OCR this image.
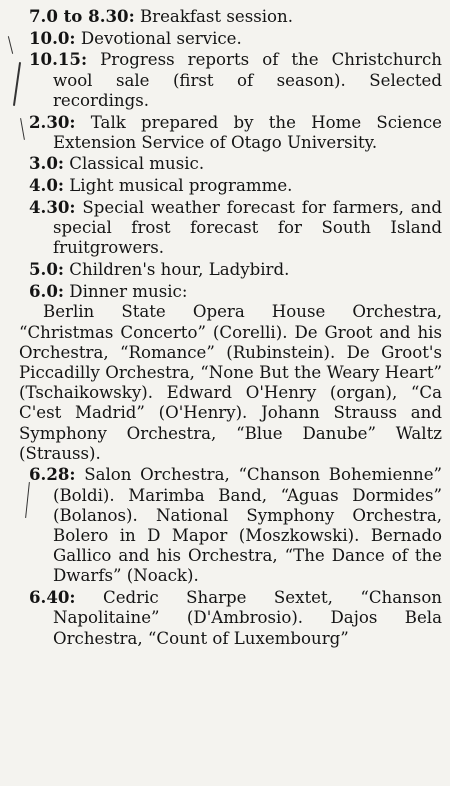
7.0 to 8.30: Breakfast session.

10.0: Devotional service.

10.15: Progress reports of the Christchurch wool sale (first of season). Selected recordings.

2.30: Talk prepared by the Home Science Extension Service of Otago University.

3.0: Classical music.

4.0: Light musical programme.

4.30: Special weather forecast for farmers, and special frost forecast for South Island fruitgrowers.

5.0: Children's hour, Ladybird.

6.0: Dinner music:

Berlin State Opera House Orchestra, “Christmas Concerto” (Corelli). De Groot and his Orchestra, “Romance” (Rubinstein). De Groot's Piccadilly Orchestra, “None But the Weary Heart” (Tschaikowsky). Edward O'Henry (organ), “Ca C'est Madrid” (O'Henry). Johann Strauss and Symphony Orchestra, “Blue Danube” Waltz (Strauss).

6.28: Salon Orchestra, “Chanson Bohemienne” (Boldi). Marimba Band, “Aguas Dormides” (Bolanos). National Symphony Orchestra, Bolero in D Mapor (Moszkowski). Bernado Gallico and his Orchestra, “The Dance of the Dwarfs” (Noack).

6.40: Cedric Sharpe Sextet, “Chanson Napolitaine” (D'Ambrosio). Dajos Bela Orchestra, “Count of Luxembourg”
